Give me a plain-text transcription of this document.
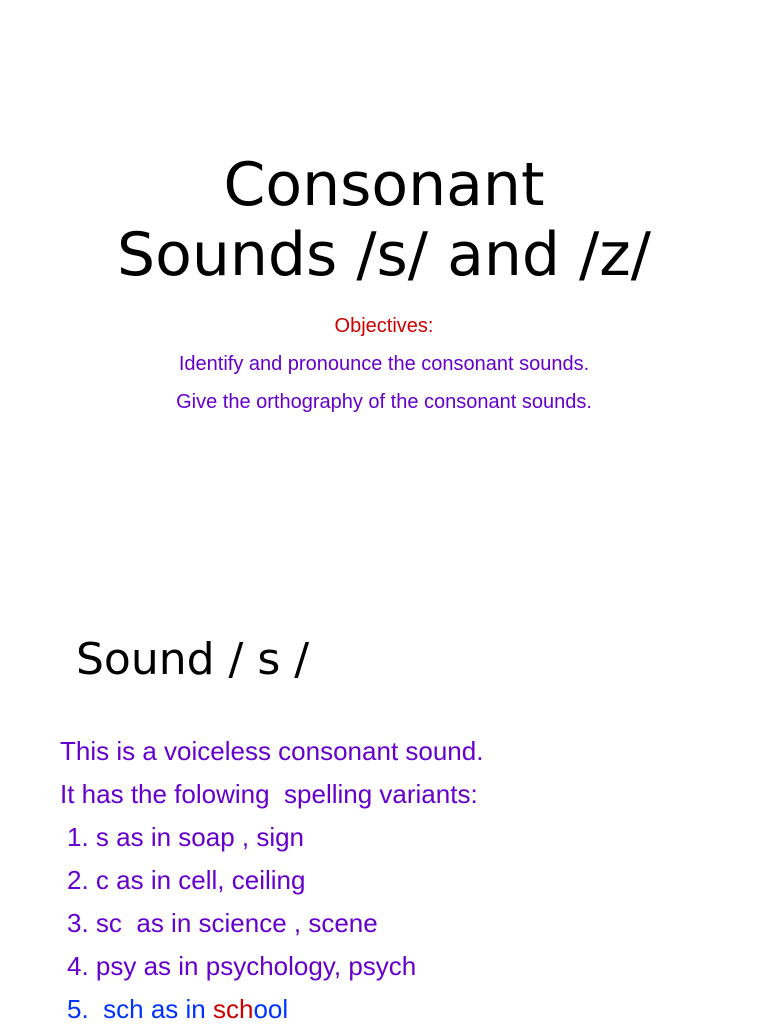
Consonant
Sounds /s/ and /z/
Objectives:
Identify and pronounce the consonant sounds.
Give the orthography of the consonant sounds.
Sound / s /
This is a voiceless consonant sound.
It has the folowing  spelling variants:
1. s as in soap , sign
2. c as in cell, ceiling
3. sc  as in science , scene
4. psy as in psychology, psych
5.  sch as in school
